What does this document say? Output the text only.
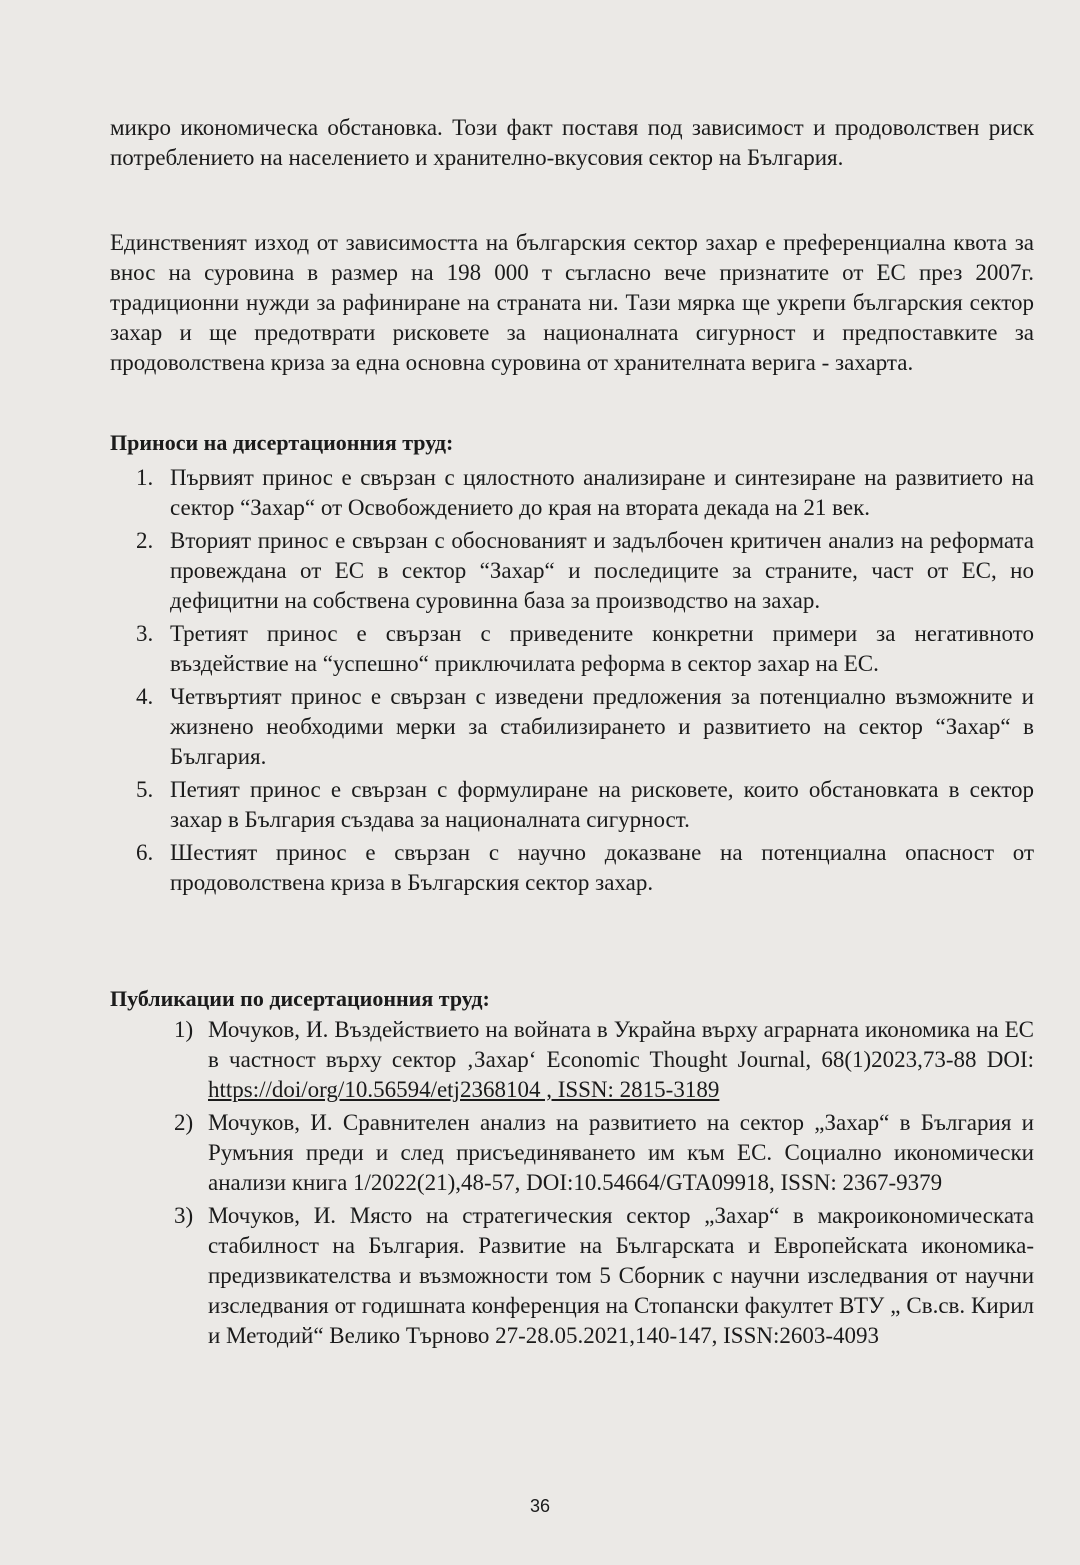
микро икономическа обстановка. Този факт поставя под зависимост и продоволствен риск потреблението на населението и хранително-вкусовия сектор на България.

Единственият изход от зависимостта на българския сектор захар е преференциална квота за внос на суровина в размер на 198 000 т съгласно вече признатите от ЕС през 2007г. традиционни нужди за рафиниране на страната ни. Тази мярка ще укрепи българския сектор захар и ще предотврати рисковете за националната сигурност и предпоставките за продоволствена криза за една основна суровина от хранителната верига - захарта.

Приноси на дисертационния труд:
1. Първият принос е свързан с цялостното анализиране и синтезиране на развитието на сектор “Захар“ от Освобождението до края на втората декада на 21 век.
2. Вторият принос е свързан с обоснованият и задълбочен критичен анализ на реформата провеждана от ЕС в сектор “Захар“ и последиците за страните, част от ЕС, но дефицитни на собствена суровинна база за производство на захар.
3. Третият принос е свързан с приведените конкретни примери за негативното въздействие на “успешно“ приключилата реформа в сектор захар на ЕС.
4. Четвъртият принос е свързан с изведени предложения за потенциално възможните и жизнено необходими мерки за стабилизирането и развитието на сектор “Захар“ в България.
5. Петият принос е свързан с формулиране на рисковете, които обстановката в сектор захар в България създава за националната сигурност.
6. Шестият принос е свързан с научно доказване на потенциална опасност от продоволствена криза в Българския сектор захар.
Публикации по дисертационния труд:
1) Мочуков, И. Въздействието на войната в Украйна върху аграрната икономика на ЕС в частност върху сектор ‚Захар‘ Economic Thought Journal, 68(1)2023,73-88 DOI: https://doi/org/10.56594/etj2368104 , ISSN: 2815-3189
2) Мочуков, И. Сравнителен анализ на развитието на сектор „Захар“ в България и Румъния преди и след присъединяването им към ЕС. Социално икономически анализи книга 1/2022(21),48-57, DOI:10.54664/GTA09918, ISSN: 2367-9379
3) Мочуков, И. Място на стратегическия сектор „Захар“ в макроикономическата стабилност на България. Развитие на Българската и Европейската икономика-предизвикателства и възможности том 5 Сборник с научни изследвания от научни изследвания от годишната конференция на Стопански факултет ВТУ „ Св.св. Кирил и Методий“ Велико Търново 27-28.05.2021,140-147, ISSN:2603-4093
36
